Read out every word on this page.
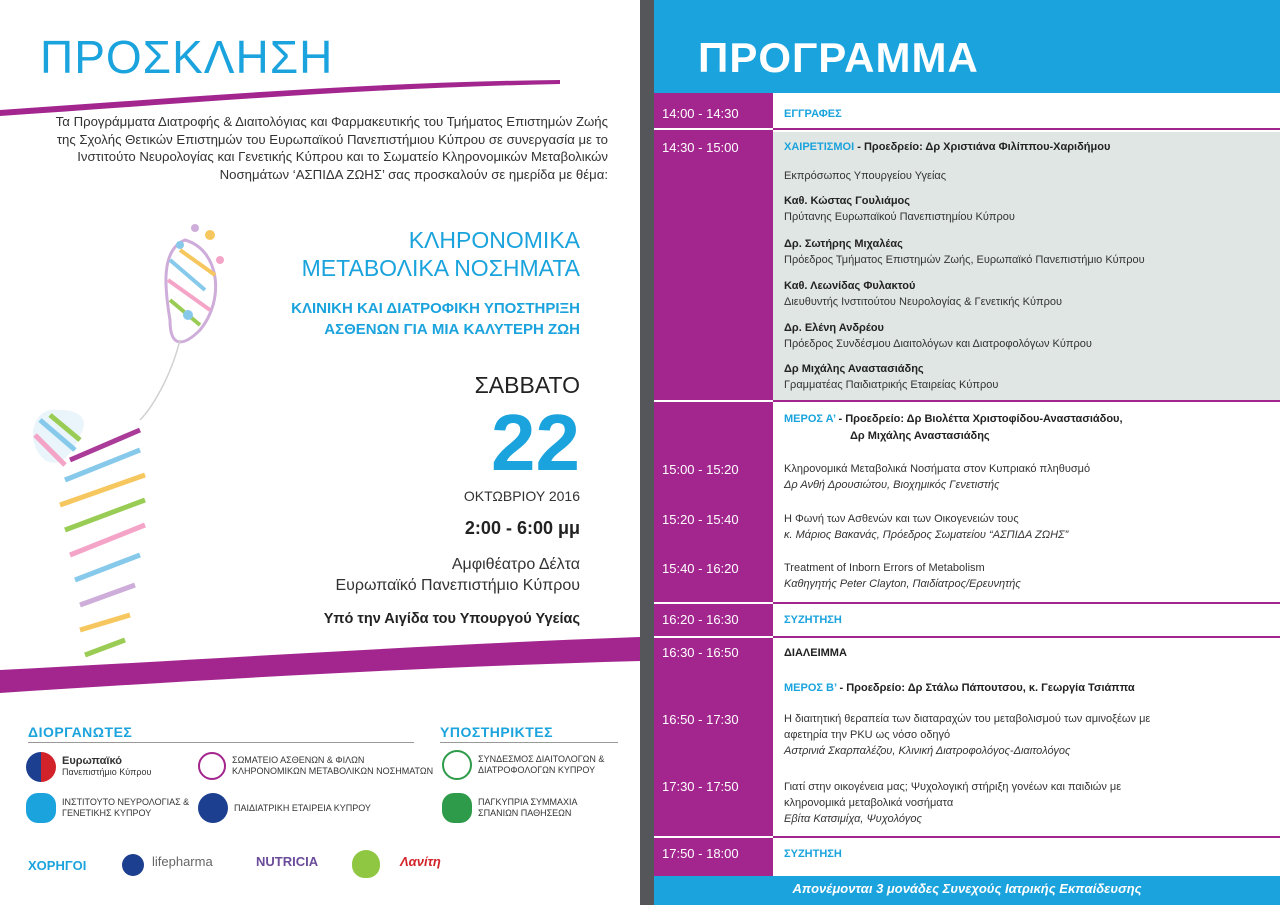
ΠΡΟΣΚΛΗΣΗ
Τα Προγράμματα Διατροφής & Διαιτολόγιας και Φαρμακευτικής του Τμήματος Επιστημών Ζωής της Σχολής Θετικών Επιστημών του Ευρωπαϊκού Πανεπιστήμιου Κύπρου σε συνεργασία με το Ινστιτούτο Νευρολογίας και Γενετικής Κύπρου και το Σωματείο Κληρονομικών Μεταβολικών Νοσημάτων ‘ΑΣΠΙΔΑ ΖΩΗΣ’ σας προσκαλούν σε ημερίδα με θέμα:
ΚΛΗΡΟΝΟΜΙΚΑ
ΜΕΤΑΒΟΛΙΚΑ ΝΟΣΗΜΑΤΑ
ΚΛΙΝΙΚΗ ΚΑΙ ΔΙΑΤΡΟΦΙΚΗ ΥΠΟΣΤΗΡΙΞΗ
ΑΣΘΕΝΩΝ ΓΙΑ ΜΙΑ ΚΑΛΥΤΕΡΗ ΖΩΗ
ΣΑΒΒΑΤΟ
22
ΟΚΤΩΒΡΙΟΥ 2016
2:00 - 6:00 μμ
Αμφιθέατρο Δέλτα
Ευρωπαϊκό Πανεπιστήμιο Κύπρου
Υπό την Αιγίδα του Υπουργού Υγείας
ΔΙΟΡΓΑΝΩΤΕΣ	ΥΠΟΣΤΗΡΙΚΤΕΣ
Ευρωπαϊκό
Πανεπιστήμιο Κύπρου
ΣΩΜΑΤΕΙΟ ΑΣΘΕΝΩΝ & ΦΙΛΩΝ
ΚΛΗΡΟΝΟΜΙΚΩΝ ΜΕΤΑΒΟΛΙΚΩΝ ΝΟΣΗΜΑΤΩΝ
ΙΝΣΤΙΤΟΥΤΟ ΝΕΥΡΟΛΟΓΙΑΣ &
ΓΕΝΕΤΙΚΗΣ ΚΥΠΡΟΥ
ΠΑΙΔΙΑΤΡΙΚΗ ΕΤΑΙΡΕΙΑ ΚΥΠΡΟΥ
ΣΥΝΔΕΣΜΟΣ ΔΙΑΙΤΟΛΟΓΩΝ &
ΔΙΑΤΡΟΦΟΛΟΓΩΝ ΚΥΠΡΟΥ
ΠΑΓΚΥΠΡΙΑ ΣΥΜΜΑΧΙΑ
ΣΠΑΝΙΩΝ ΠΑΘΗΣΕΩΝ
ΧΟΡΗΓΟΙ	lifepharma	NUTRICIA	Λανίτη
ΠΡΟΓΡΑΜΜΑ
14:00 - 14:30	ΕΓΓΡΑΦΕΣ
14:30 - 15:00	ΧΑΙΡΕΤΙΣΜΟΙ - Προεδρείο: Δρ Χριστιάνα Φιλίππου-Χαριδήμου
Εκπρόσωπος Υπουργείου Υγείας
Καθ. Κώστας Γουλιάμος
Πρύτανης Ευρωπαϊκού Πανεπιστημίου Κύπρου
Δρ. Σωτήρης Μιχαλέας
Πρόεδρος Τμήματος Επιστημών Ζωής, Ευρωπαϊκό Πανεπιστήμιο Κύπρου
Καθ. Λεωνίδας Φυλακτού
Διευθυντής Ινστιτούτου Νευρολογίας & Γενετικής Κύπρου
Δρ. Ελένη Ανδρέου
Πρόεδρος Συνδέσμου Διαιτολόγων και Διατροφολόγων Κύπρου
Δρ Μιχάλης Αναστασιάδης
Γραμματέας Παιδιατρικής Εταιρείας Κύπρου
ΜΕΡΟΣ Α’ - Προεδρείο: Δρ Βιολέττα Χριστοφίδου-Αναστασιάδου,
Δρ Μιχάλης Αναστασιάδης
15:00 - 15:20	Κληρονομικά Μεταβολικά Νοσήματα στον Κυπριακό πληθυσμό
Δρ Ανθή Δρουσιώτου, Βιοχημικός Γενετιστής
15:20 - 15:40	Η Φωνή των Ασθενών και των Οικογενειών τους
κ. Μάριος Βακανάς, Πρόεδρος Σωματείου “ΑΣΠΙΔΑ ΖΩΗΣ”
15:40 - 16:20	Treatment of Inborn Errors of Metabolism
Καθηγητής Peter Clayton, Παιδίατρος/Ερευνητής
16:20 - 16:30	ΣΥΖΗΤΗΣΗ
16:30 - 16:50	ΔΙΑΛΕΙΜΜΑ
ΜΕΡΟΣ Β’ - Προεδρείο: Δρ Στάλω Πάπουτσου, κ. Γεωργία Τσιάππα
16:50 - 17:30	Η διαιτητική θεραπεία των διαταραχών του μεταβολισμού των αμινοξέων με
αφετηρία την PKU ως νόσο οδηγό
Αστρινιά Σκαρπαλέζου, Κλινική Διατροφολόγος-Διαιτολόγος
17:30 - 17:50	Γιατί στην οικογένεια μας; Ψυχολογική στήριξη γονέων και παιδιών με
κληρονομικά μεταβολικά νοσήματα
Εβίτα Κατσιμίχα, Ψυχολόγος
17:50 - 18:00	ΣΥΖΗΤΗΣΗ
Απονέμονται 3 μονάδες Συνεχούς Ιατρικής Εκπαίδευσης
